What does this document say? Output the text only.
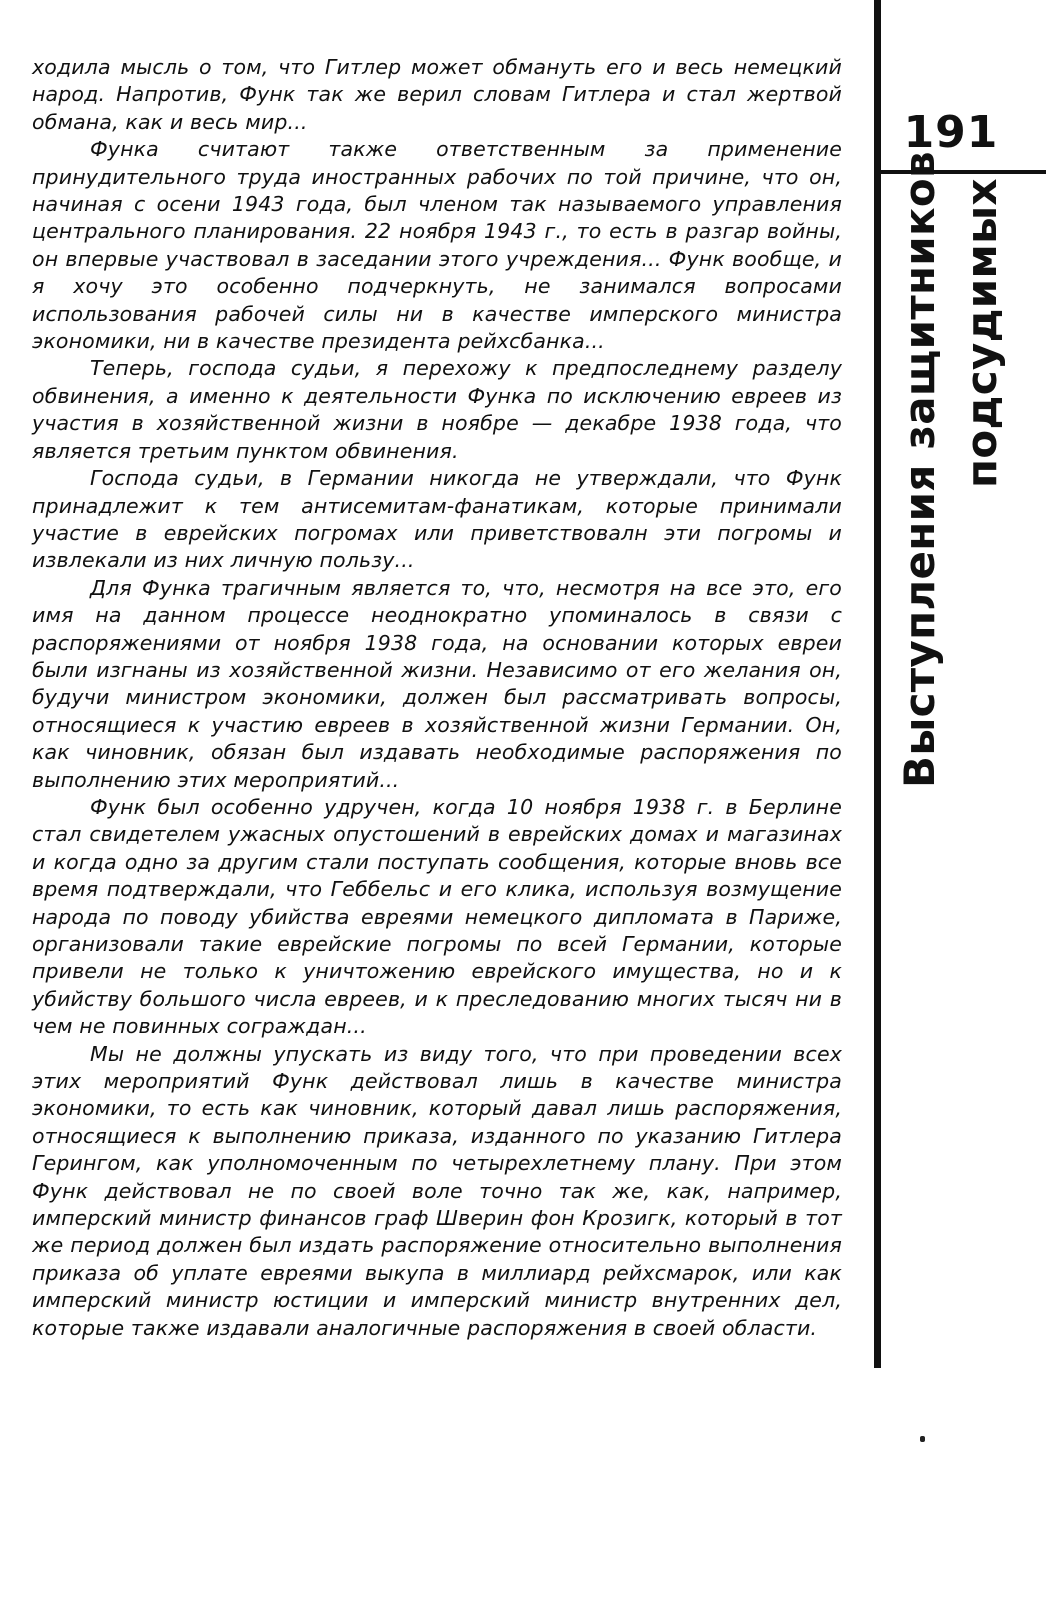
ходила мысль о том, что Гитлер может обмануть его и весь немецкий народ. Напротив, Функ так же верил словам Гитлера и стал жертвой обмана, как и весь мир...

Функа считают также ответственным за применение принудительного труда иностранных рабочих по той причине, что он, начиная с осени 1943 года, был членом так называемого управления центрального планирования. 22 ноября 1943 г., то есть в разгар войны, он впервые участвовал в заседании этого учреждения... Функ вообще, и я хочу это особенно подчеркнуть, не занимался вопросами использования рабочей силы ни в качестве имперского министра экономики, ни в качестве президента рейхсбанка...

Теперь, господа судьи, я перехожу к предпоследнему разделу обвинения, а именно к деятельности Функа по исключению евреев из участия в хозяйственной жизни в ноябре — декабре 1938 года, что является третьим пунктом обвинения.

Господа судьи, в Германии никогда не утверждали, что Функ принадлежит к тем антисемитам-фанатикам, которые принимали участие в еврейских погромах или приветствовалн эти погромы и извлекали из них личную пользу...

Для Функа трагичным является то, что, несмотря на все это, его имя на данном процессе неоднократно упоминалось в связи с распоряжениями от ноября 1938 года, на основании которых евреи были изгнаны из хозяйственной жизни. Независимо от его желания он, будучи министром экономики, должен был рассматривать вопросы, относящиеся к участию евреев в хозяйственной жизни Германии. Он, как чиновник, обязан был издавать необходимые распоряжения по выполнению этих мероприятий...

Функ был особенно удручен, когда 10 ноября 1938 г. в Берлине стал свидетелем ужасных опустошений в еврейских домах и магазинах и когда одно за другим стали поступать сообщения, которые вновь все время подтверждали, что Геббельс и его клика, используя возмущение народа по поводу убийства евреями немецкого дипломата в Париже, организовали такие еврейские погромы по всей Германии, которые привели не только к уничтожению еврейского имущества, но и к убийству большого числа евреев, и к преследованию многих тысяч ни в чем не повинных сограждан...

Мы не должны упускать из виду того, что при проведении всех этих мероприятий Функ действовал лишь в качестве министра экономики, то есть как чиновник, который давал лишь распоряжения, относящиеся к выполнению приказа, изданного по указанию Гитлера Герингом, как уполномоченным по четырехлетнему плану. При этом Функ действовал не по своей воле точно так же, как, например, имперский министр финансов граф Шверин фон Крозигк, который в тот же период должен был издать распоряжение относительно выполнения приказа об уплате евреями выкупа в миллиард рейхсмарок, или как имперский министр юстиции и имперский министр внутренних дел, которые также издавали аналогичные распоряжения в своей области.

191
Выступления защитников подсудимых
